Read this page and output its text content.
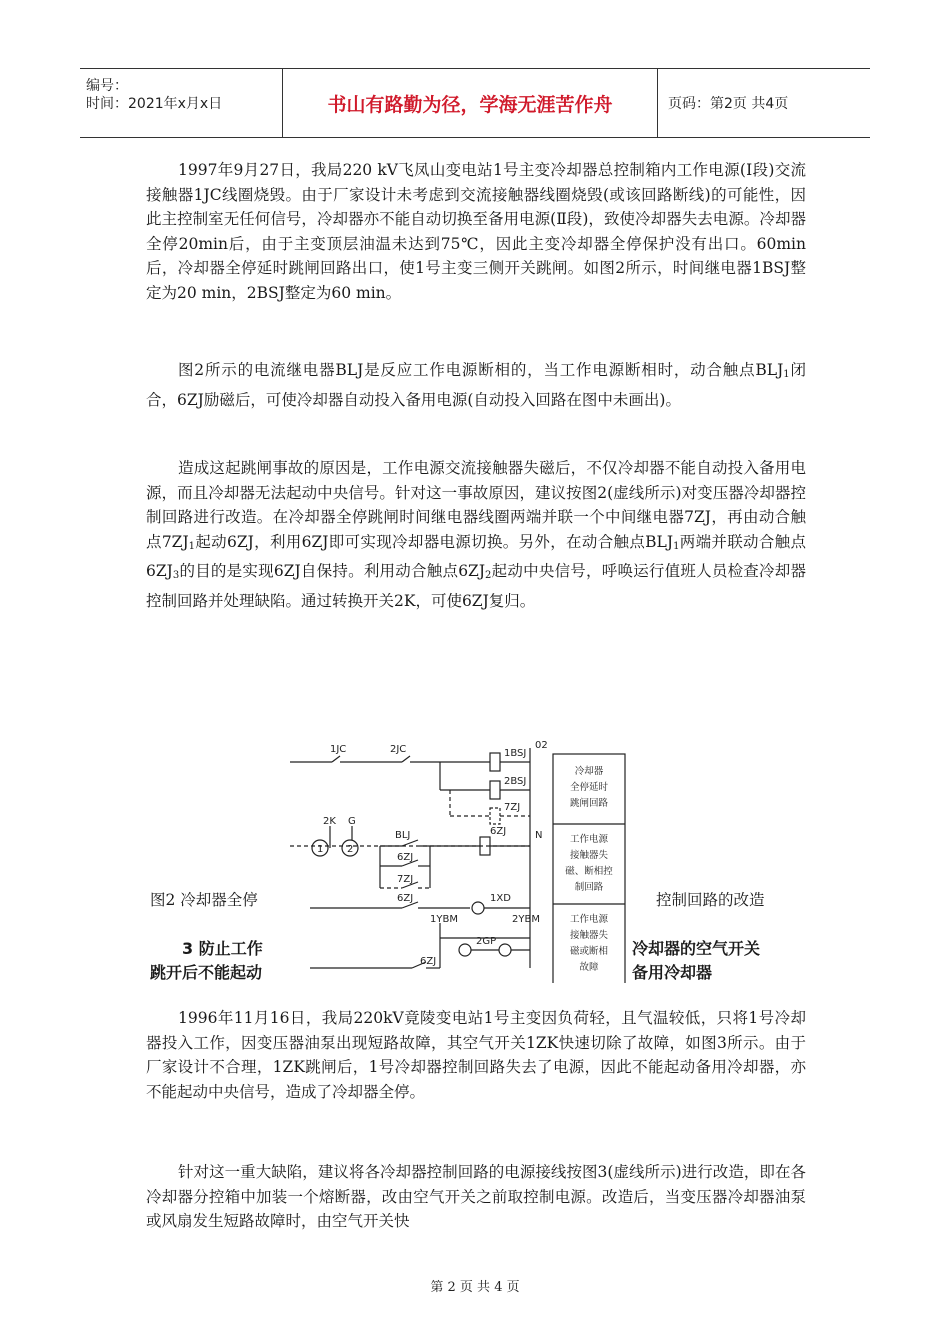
编号：
时间：2021年x月x日	书山有路勤为径，学海无涯苦作舟	页码：第2页 共4页

1997年9月27日，我局220 kV飞凤山变电站1号主变冷却器总控制箱内工作电源(Ⅰ段)交流接触器1JC线圈烧毁。由于厂家设计未考虑到交流接触器线圈烧毁(或该回路断线)的可能性，因此主控制室无任何信号，冷却器亦不能自动切换至备用电源(Ⅱ段)，致使冷却器失去电源。冷却器全停20min后，由于主变顶层油温未达到75℃，因此主变冷却器全停保护没有出口。60min后，冷却器全停延时跳闸回路出口，使1号主变三侧开关跳闸。如图2所示，时间继电器1BSJ整定为20 min，2BSJ整定为60 min。

图2所示的电流继电器BLJ是反应工作电源断相的，当工作电源断相时，动合触点$BLJ_1$闭合，6ZJ励磁后，可使冷却器自动投入备用电源(自动投入回路在图中未画出)。

造成这起跳闸事故的原因是，工作电源交流接触器失磁后，不仅冷却器不能自动投入备用电源，而且冷却器无法起动中央信号。针对这一事故原因，建议按图2(虚线所示)对变压器冷却器控制回路进行改造。在冷却器全停跳闸时间继电器线圈两端并联一个中间继电器7ZJ，再由动合触点$7ZJ_1$起动6ZJ，利用6ZJ即可实现冷却器电源切换。另外，在动合触点$BLJ_1$两端并联动合触点$6ZJ_3$的目的是实现6ZJ自保持。利用动合触点$6ZJ_2$起动中央信号，呼唤运行值班人员检查冷却器控制回路并处理缺陷。通过转换开关2K，可使6ZJ复归。

1JC	2JC	1BSJ
2BSJ
7ZJ
02
N
2K G
1 2
BLJ	6ZJ
6ZJ
7ZJ
6ZJ	1XD
1YBM	2YBM
2GP
6ZJ
冷却器
全停延时
跳闸回路
工作电源
接触器失
磁、断相控
制回路
工作电源
接触器失
磁或断相
故障
图2 冷却器全停	控制回路的改造
3 防止工作
跳开后不能起动
冷却器的空气开关
备用冷却器

1996年11月16日，我局220kV竟陵变电站1号主变因负荷轻，且气温较低，只将1号冷却器投入工作，因变压器油泵出现短路故障，其空气开关1ZK快速切除了故障，如图3所示。由于厂家设计不合理，1ZK跳闸后，1号冷却器控制回路失去了电源，因此不能起动备用冷却器，亦不能起动中央信号，造成了冷却器全停。

针对这一重大缺陷，建议将各冷却器控制回路的电源接线按图3(虚线所示)进行改造，即在各冷却器分控箱中加装一个熔断器，改由空气开关之前取控制电源。改造后，当变压器冷却器油泵或风扇发生短路故障时，由空气开关快

第 2 页 共 4 页
